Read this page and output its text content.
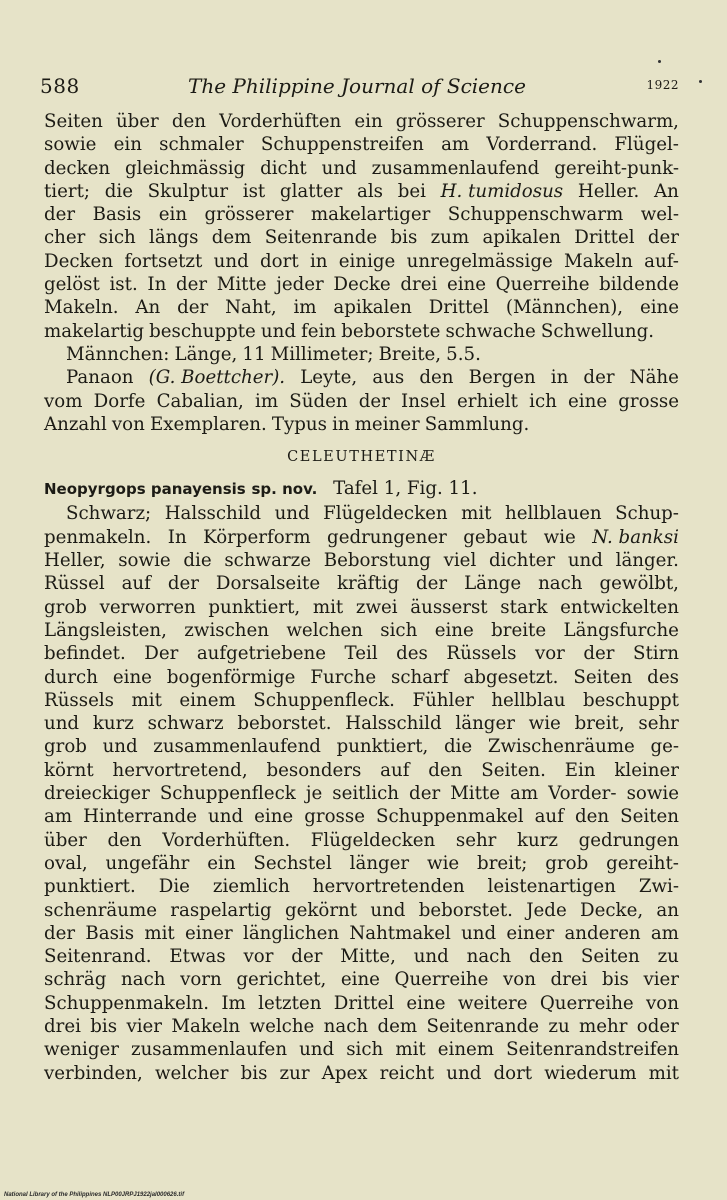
588	The Philippine Journal of Science	1922
Seiten über den Vorderhüften ein grösserer Schuppenschwarm,
sowie ein schmaler Schuppenstreifen am Vorderrand. Flügel-
decken gleichmässig dicht und zusammenlaufend gereiht-punk-
tiert; die Skulptur ist glatter als bei H. tumidosus Heller. An
der Basis ein grösserer makelartiger Schuppenschwarm wel-
cher sich längs dem Seitenrande bis zum apikalen Drittel der
Decken fortsetzt und dort in einige unregelmässige Makeln auf-
gelöst ist. In der Mitte jeder Decke drei eine Querreihe bildende
Makeln. An der Naht, im apikalen Drittel (Männchen), eine
makelartig beschuppte und fein beborstete schwache Schwellung.
Männchen: Länge, 11 Millimeter; Breite, 5.5.
Panaon (G. Boettcher). Leyte, aus den Bergen in der Nähe
vom Dorfe Cabalian, im Süden der Insel erhielt ich eine grosse
Anzahl von Exemplaren. Typus in meiner Sammlung.
CELEUTHETINÆ
Neopyrgops panayensis sp. nov. Tafel 1, Fig. 11.
Schwarz; Halsschild und Flügeldecken mit hellblauen Schup-
penmakeln. In Körperform gedrungener gebaut wie N. banksi
Heller, sowie die schwarze Beborstung viel dichter und länger.
Rüssel auf der Dorsalseite kräftig der Länge nach gewölbt,
grob verworren punktiert, mit zwei äusserst stark entwickelten
Längsleisten, zwischen welchen sich eine breite Längsfurche
befindet. Der aufgetriebene Teil des Rüssels vor der Stirn
durch eine bogenförmige Furche scharf abgesetzt. Seiten des
Rüssels mit einem Schuppenfleck. Fühler hellblau beschuppt
und kurz schwarz beborstet. Halsschild länger wie breit, sehr
grob und zusammenlaufend punktiert, die Zwischenräume ge-
körnt hervortretend, besonders auf den Seiten. Ein kleiner
dreieckiger Schuppenfleck je seitlich der Mitte am Vorder- sowie
am Hinterrande und eine grosse Schuppenmakel auf den Seiten
über den Vorderhüften. Flügeldecken sehr kurz gedrungen
oval, ungefähr ein Sechstel länger wie breit; grob gereiht-
punktiert. Die ziemlich hervortretenden leistenartigen Zwi-
schenräume raspelartig gekörnt und beborstet. Jede Decke, an
der Basis mit einer länglichen Nahtmakel und einer anderen am
Seitenrand. Etwas vor der Mitte, und nach den Seiten zu
schräg nach vorn gerichtet, eine Querreihe von drei bis vier
Schuppenmakeln. Im letzten Drittel eine weitere Querreihe von
drei bis vier Makeln welche nach dem Seitenrande zu mehr oder
weniger zusammenlaufen und sich mit einem Seitenrandstreifen
verbinden, welcher bis zur Apex reicht und dort wiederum mit
National Library of the Philippines NLP00JRPJ1922jal000626.tif
